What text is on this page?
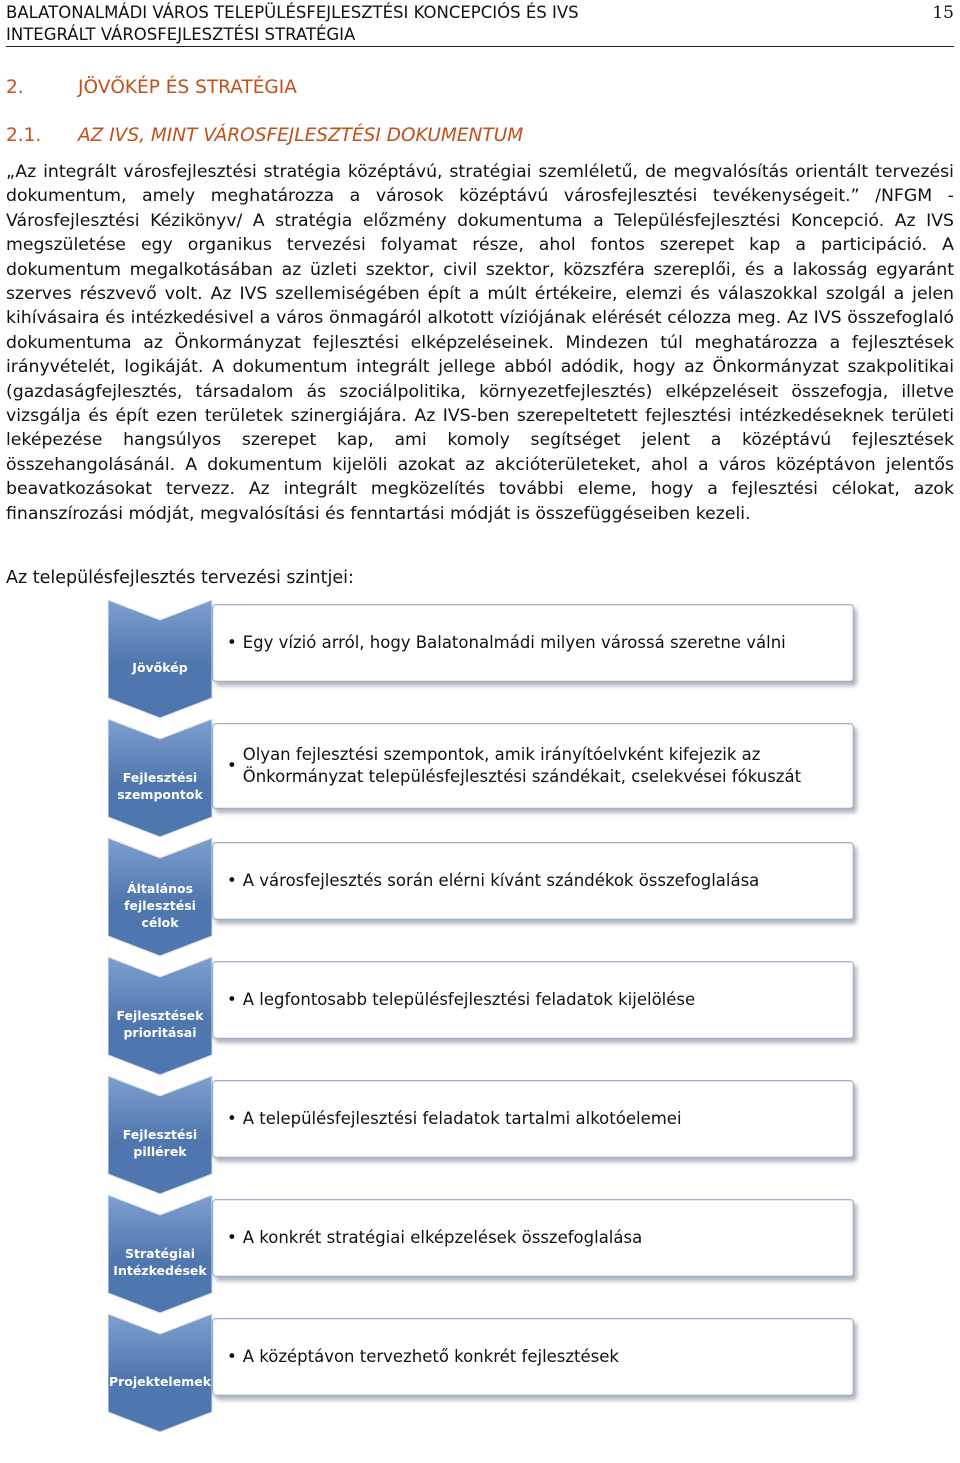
BALATONALMÁDI VÁROS TELEPÜLÉSFEJLESZTÉSI KONCEPCIÓS ÉS IVS
INTEGRÁLT VÁROSFEJLESZTÉSI STRATÉGIA
15
2.	JÖVŐKÉP ÉS STRATÉGIA
2.1. AZ IVS, MINT VÁROSFEJLESZTÉSI DOKUMENTUM

„Az integrált városfejlesztési stratégia középtávú, stratégiai szemléletű, de megvalósítás orientált tervezési dokumentum, amely meghatározza a városok középtávú városfejlesztési tevékenységeit.” /NFGM - Városfejlesztési Kézikönyv/ A stratégia előzmény dokumentuma a Településfejlesztési Koncepció. Az IVS megszületése egy organikus tervezési folyamat része, ahol fontos szerepet kap a participáció. A dokumentum megalkotásában az üzleti szektor, civil szektor, közszféra szereplői, és a lakosság egyaránt szerves részvevő volt. Az IVS szellemiségében épít a múlt értékeire, elemzi és válaszokkal szolgál a jelen kihívásaira és intézkedésivel a város önmagáról alkotott víziójának elérését célozza meg. Az IVS összefoglaló dokumentuma az Önkormányzat fejlesztési elképzeléseinek. Mindezen túl meghatározza a fejlesztések irányvételét, logikáját. A dokumentum integrált jellege abból adódik, hogy az Önkormányzat szakpolitikai (gazdaságfejlesztés, társadalom ás szociálpolitika, környezetfejlesztés) elképzeléseit összefogja, illetve vizsgálja és épít ezen területek szinergiájára. Az IVS-ben szerepeltetett fejlesztési intézkedéseknek területi leképezése hangsúlyos szerepet kap, ami komoly segítséget jelent a középtávú fejlesztések összehangolásánál. A dokumentum kijelöli azokat az akcióterületeket, ahol a város középtávon jelentős beavatkozásokat tervezz. Az integrált megközelítés további eleme, hogy a fejlesztési célokat, azok finanszírozási módját, megvalósítási és fenntartási módját is összefüggéseiben kezeli.

Az településfejlesztés tervezési szintjei:
Jövőkép
• Egy vízió arról, hogy Balatonalmádi milyen várossá szeretne válni
Fejlesztési szempontok
•
Olyan fejlesztési szempontok, amik irányítóelvként kifejezik az Önkormányzat településfejlesztési szándékait, cselekvései fókuszát
Általános fejlesztési célok
• A városfejlesztés során elérni kívánt szándékok összefoglalása
Fejlesztések prioritásai
• A legfontosabb településfejlesztési feladatok kijelölése
Fejlesztési pillérek
• A településfejlesztési feladatok tartalmi alkotóelemei
Stratégiai Intézkedések
• A konkrét stratégiai elképzelések összefoglalása
Projektelemek
• A középtávon tervezhető konkrét fejlesztések
